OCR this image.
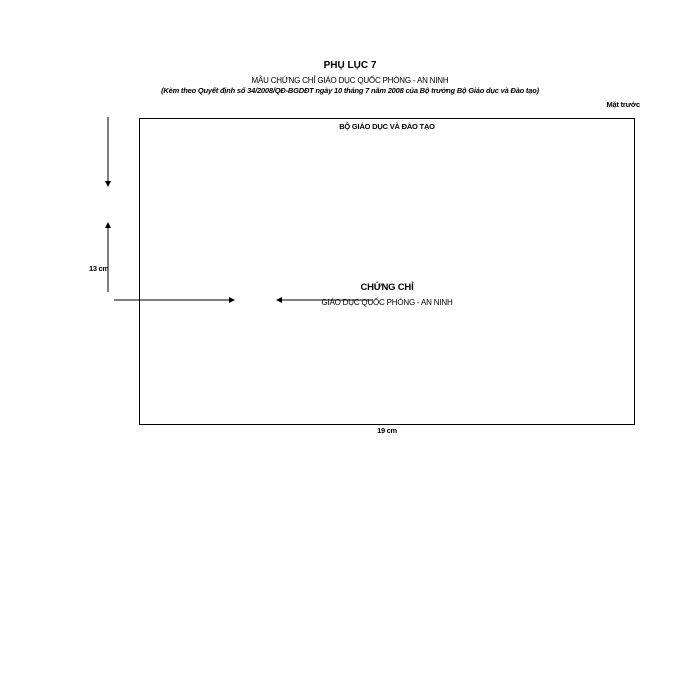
PHỤ LỤC 7
MẪU CHỨNG CHỈ GIÁO DỤC QUỐC PHÒNG - AN NINH
(Kèm theo Quyết định số 34/2008/QĐ-BGDĐT ngày 10 tháng 7 năm 2008 của Bộ trưởng Bộ Giáo dục và Đào tạo)
Mặt trước
BỘ GIÁO DỤC VÀ ĐÀO TẠO
CHỨNG CHỈ
GIÁO DỤC QUỐC PHÒNG - AN NINH
13 cm
19 cm
